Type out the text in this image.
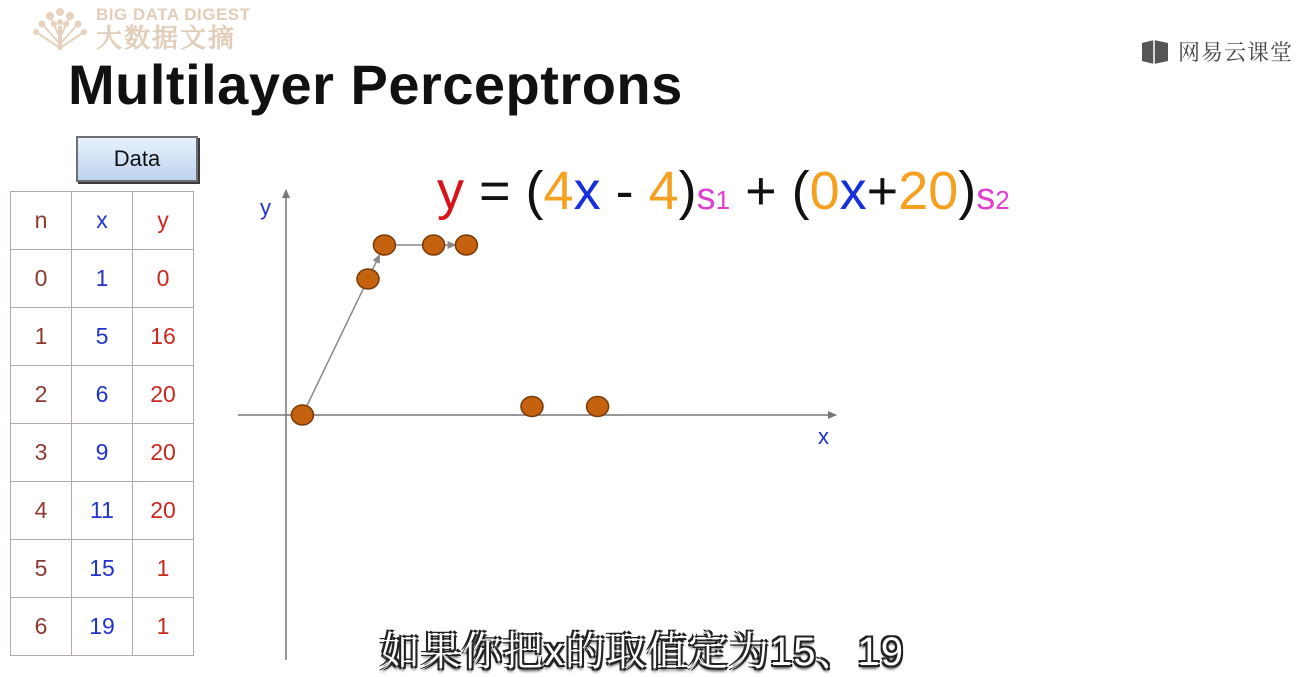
BIG DATA DIGEST
大数据文摘	网易云课堂
Multilayer Perceptrons
Data
n	x	y
0	1	0
1	5	16
2	6	20
3	9	20
4	11	20
5	15	1
6	19	1
y = (4x - 4)s1 + (0x+20)s2
x
y
如果你把x的取值定为15、19
